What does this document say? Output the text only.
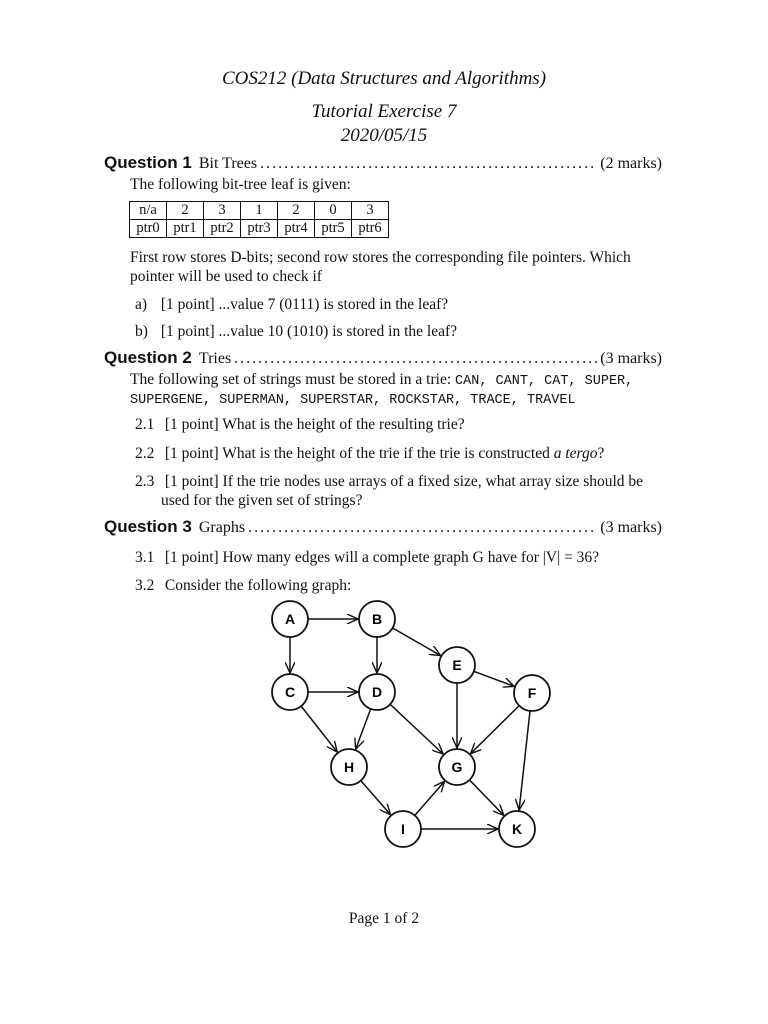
COS212 (Data Structures and Algorithms)
Tutorial Exercise 7
2020/05/15
Question 1 Bit Trees .....	(2 marks)
The following bit-tree leaf is given:
n/a	2	3	1	2	0	3
ptr0	ptr1	ptr2	ptr3	ptr4	ptr5	ptr6
First row stores D-bits; second row stores the corresponding file pointers. Which
pointer will be used to check if
a) [1 point] ...value 7 (0111) is stored in the leaf?
b) [1 point] ...value 10 (1010) is stored in the leaf?
Question 2 Tries .....	(3 marks)
The following set of strings must be stored in a trie: CAN, CANT, CAT, SUPER,
SUPERGENE, SUPERMAN, SUPERSTAR, ROCKSTAR, TRACE, TRAVEL
2.1 [1 point] What is the height of the resulting trie?
2.2 [1 point] What is the height of the trie if the trie is constructed a tergo?
2.3 [1 point] If the trie nodes use arrays of a fixed size, what array size should be
used for the given set of strings?
Question 3 Graphs .....	(3 marks)
3.1 [1 point] How many edges will a complete graph G have for |V| = 36?
3.2 Consider the following graph:
A	B
C	D
E
F
G
H
I	K
Page 1 of 2
